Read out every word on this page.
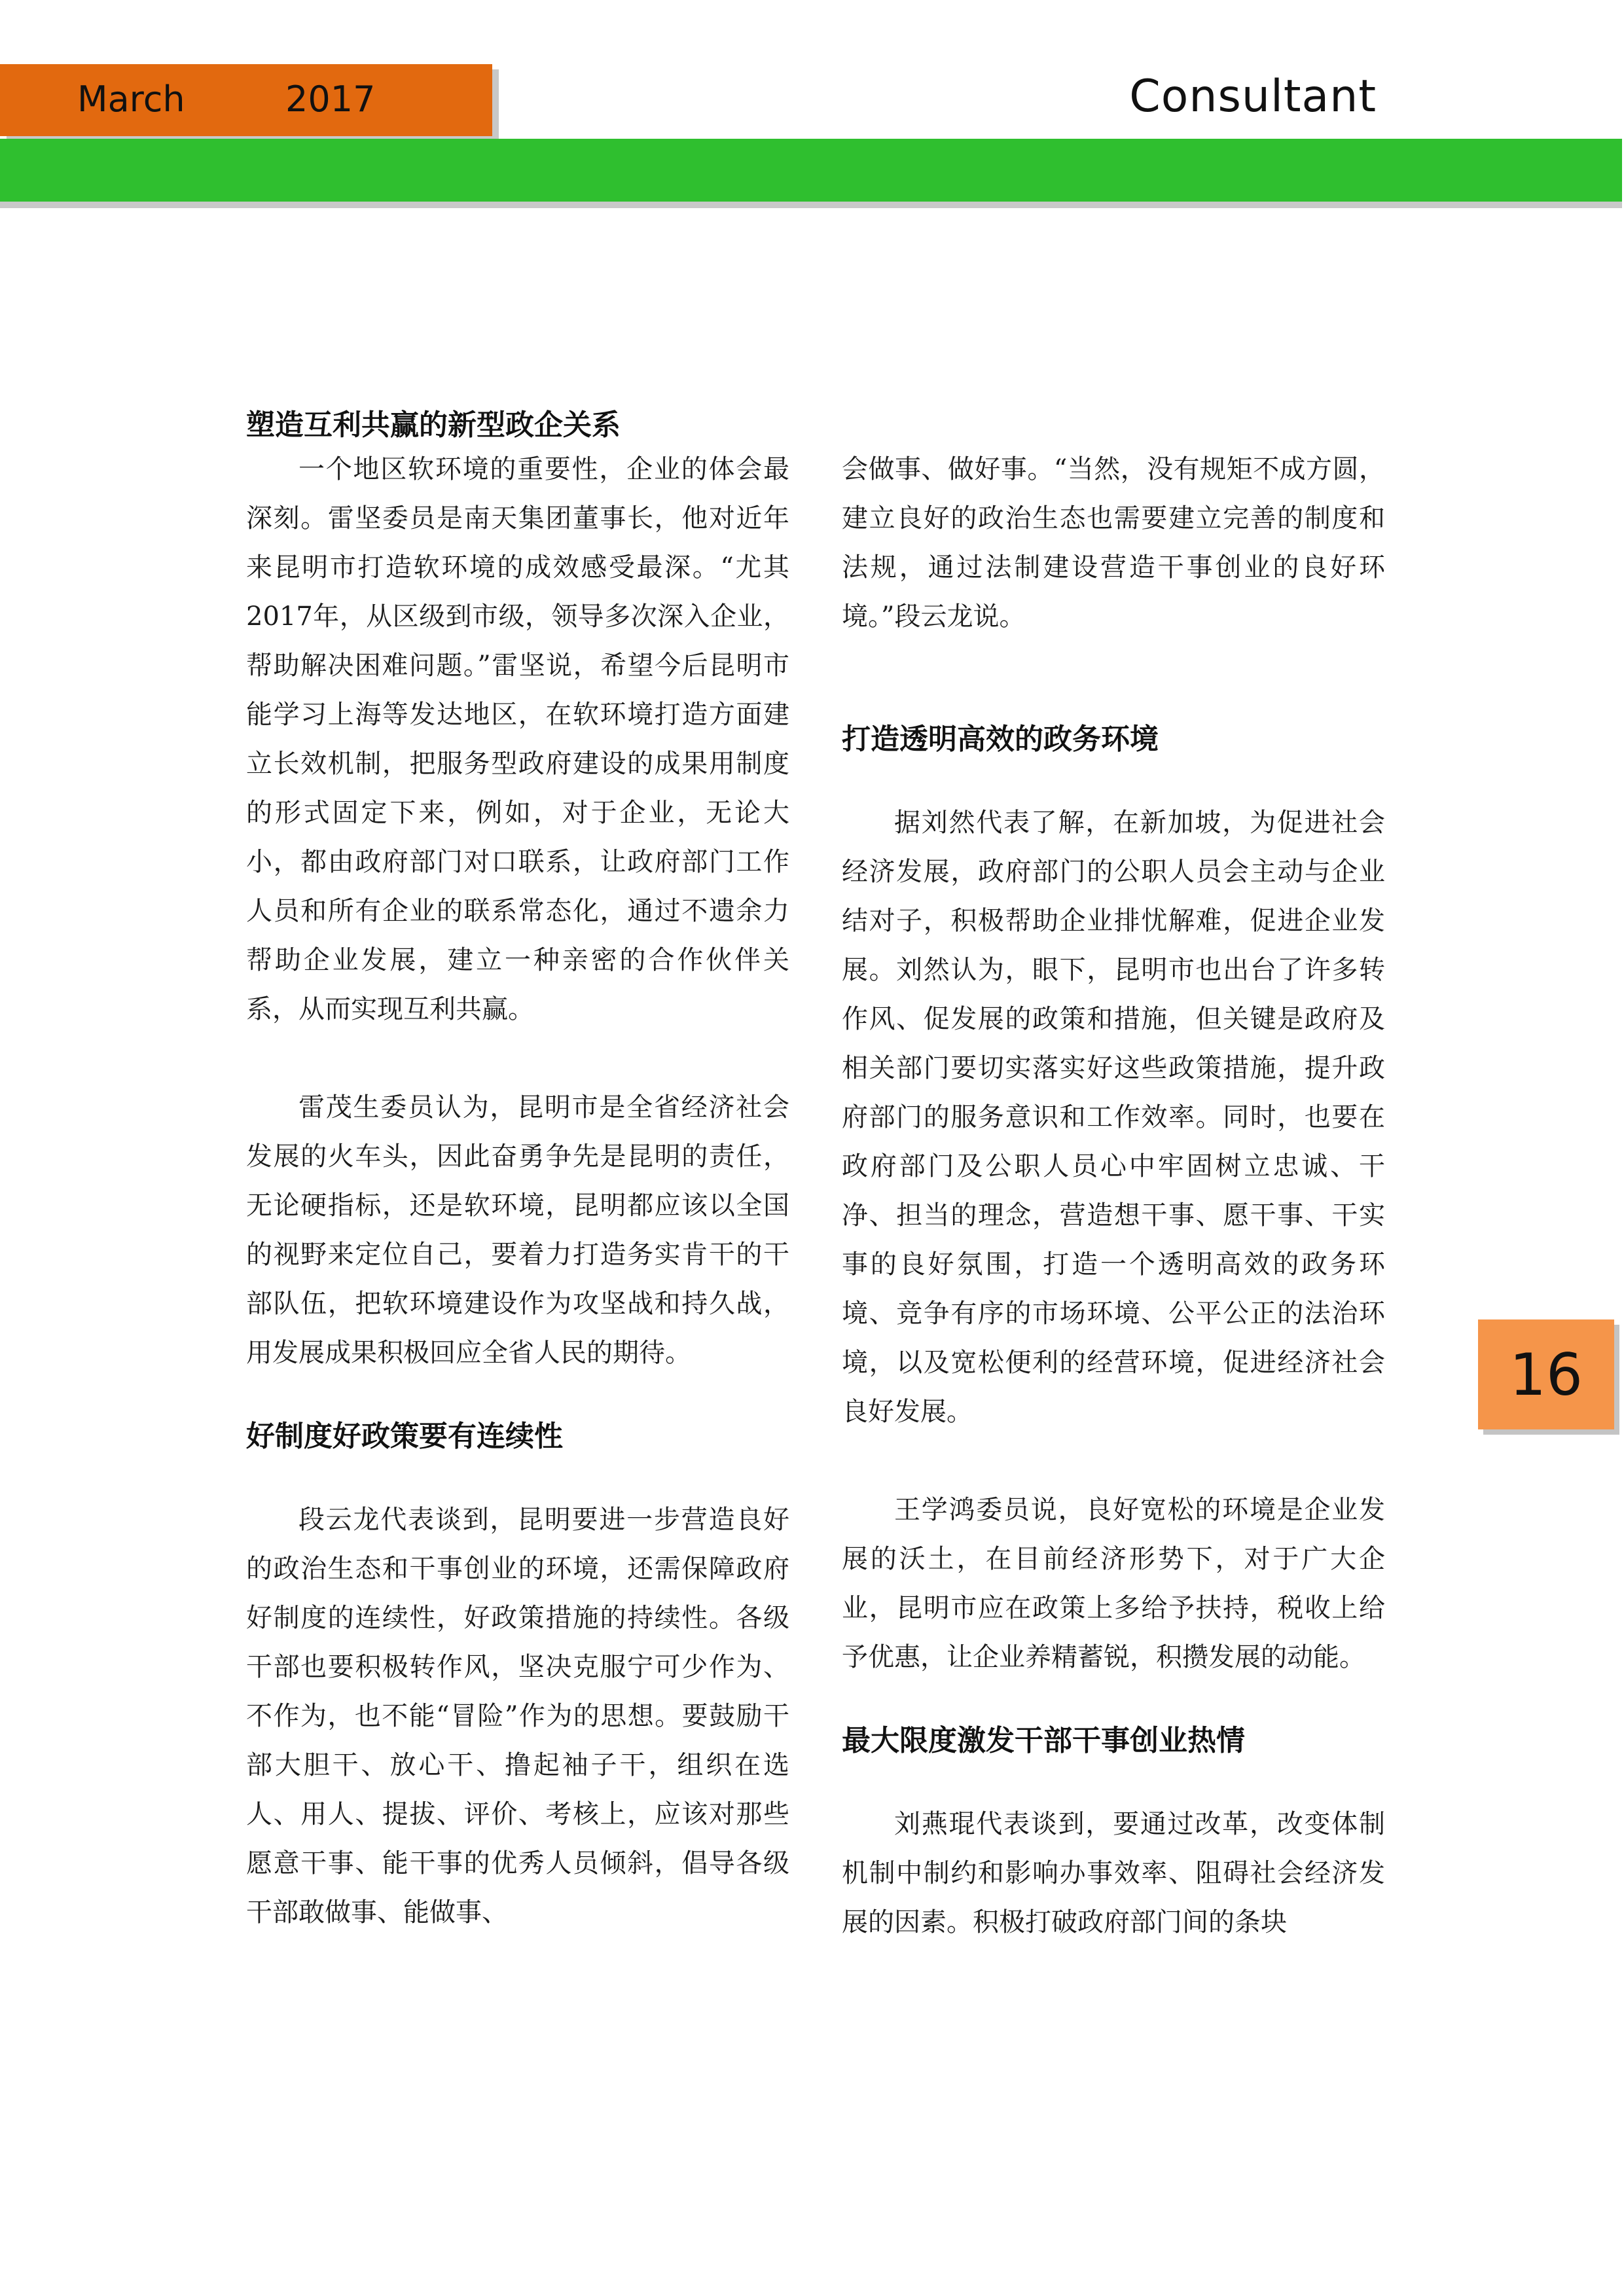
March	2017	Consultant
塑造互利共赢的新型政企关系

一个地区软环境的重要性，企业的体会最深刻。雷坚委员是南天集团董事长，他对近年来昆明市打造软环境的成效感受最深。“尤其2017年，从区级到市级，领导多次深入企业，帮助解决困难问题。”雷坚说，希望今后昆明市能学习上海等发达地区，在软环境打造方面建立长效机制，把服务型政府建设的成果用制度的形式固定下来，例如，对于企业，无论大小，都由政府部门对口联系，让政府部门工作人员和所有企业的联系常态化，通过不遗余力帮助企业发展，建立一种亲密的合作伙伴关系，从而实现互利共赢。

雷茂生委员认为，昆明市是全省经济社会发展的火车头，因此奋勇争先是昆明的责任，无论硬指标，还是软环境，昆明都应该以全国的视野来定位自己，要着力打造务实肯干的干部队伍，把软环境建设作为攻坚战和持久战，用发展成果积极回应全省人民的期待。

好制度好政策要有连续性

段云龙代表谈到，昆明要进一步营造良好的政治生态和干事创业的环境，还需保障政府好制度的连续性，好政策措施的持续性。各级干部也要积极转作风，坚决克服宁可少作为、不作为，也不能“冒险”作为的思想。要鼓励干部大胆干、放心干、撸起袖子干，组织在选人、用人、提拔、评价、考核上，应该对那些愿意干事、能干事的优秀人员倾斜，倡导各级干部敢做事、能做事、

会做事、做好事。“当然，没有规矩不成方圆，建立良好的政治生态也需要建立完善的制度和法规，通过法制建设营造干事创业的良好环境。”段云龙说。

打造透明高效的政务环境

据刘然代表了解，在新加坡，为促进社会经济发展，政府部门的公职人员会主动与企业结对子，积极帮助企业排忧解难，促进企业发展。刘然认为，眼下，昆明市也出台了许多转作风、促发展的政策和措施，但关键是政府及相关部门要切实落实好这些政策措施，提升政府部门的服务意识和工作效率。同时，也要在政府部门及公职人员心中牢固树立忠诚、干净、担当的理念，营造想干事、愿干事、干实事的良好氛围，打造一个透明高效的政务环境、竞争有序的市场环境、公平公正的法治环境，以及宽松便利的经营环境，促进经济社会良好发展。

王学鸿委员说，良好宽松的环境是企业发展的沃土，在目前经济形势下，对于广大企业，昆明市应在政策上多给予扶持，税收上给予优惠，让企业养精蓄锐，积攒发展的动能。

最大限度激发干部干事创业热情

刘燕琨代表谈到，要通过改革，改变体制机制中制约和影响办事效率、阻碍社会经济发展的因素。积极打破政府部门间的条块

16
